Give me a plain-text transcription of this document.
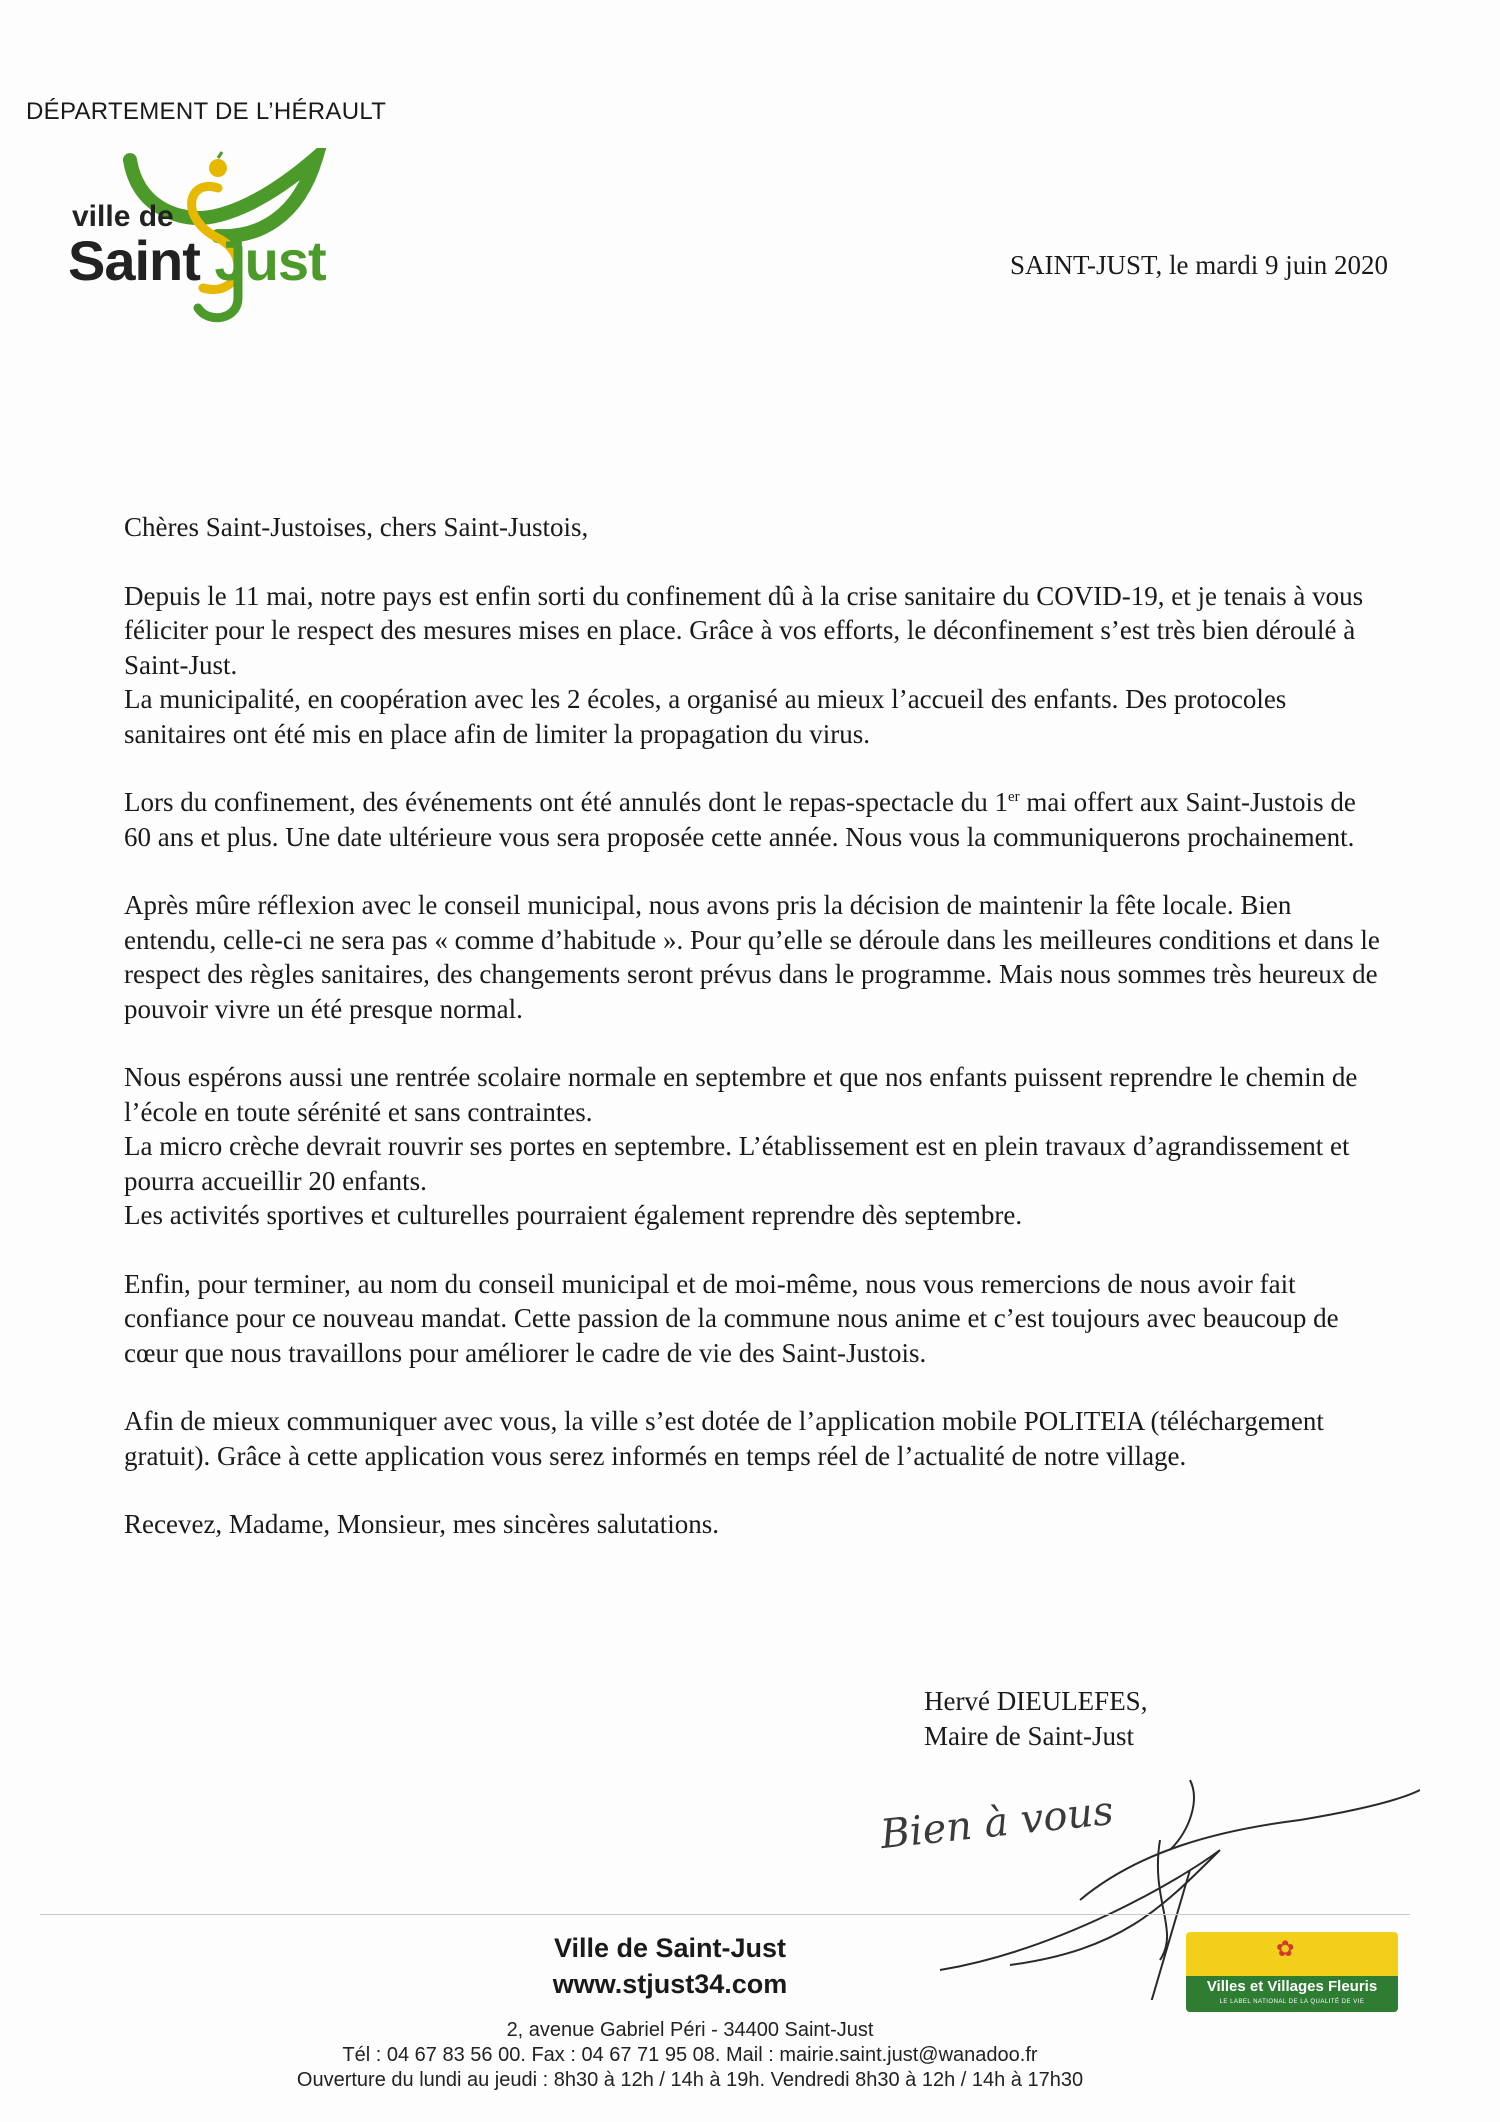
DÉPARTEMENT DE L’HÉRAULT
ville de
Saint Just	SAINT-JUST, le mardi 9 juin 2020

Chères Saint-Justoises, chers Saint-Justois,

Depuis le 11 mai, notre pays est enfin sorti du confinement dû à la crise sanitaire du COVID-19, et je tenais à vous féliciter pour le respect des mesures mises en place. Grâce à vos efforts, le déconfinement s’est très bien déroulé à Saint-Just.

La municipalité, en coopération avec les 2 écoles, a organisé au mieux l’accueil des enfants. Des protocoles sanitaires ont été mis en place afin de limiter la propagation du virus.

Lors du confinement, des événements ont été annulés dont le repas-spectacle du 1er mai offert aux Saint-Justois de 60 ans et plus. Une date ultérieure vous sera proposée cette année. Nous vous la communiquerons prochainement.

Après mûre réflexion avec le conseil municipal, nous avons pris la décision de maintenir la fête locale. Bien entendu, celle-ci ne sera pas « comme d’habitude ». Pour qu’elle se déroule dans les meilleures conditions et dans le respect des règles sanitaires, des changements seront prévus dans le programme. Mais nous sommes très heureux de pouvoir vivre un été presque normal.

Nous espérons aussi une rentrée scolaire normale en septembre et que nos enfants puissent reprendre le chemin de l’école en toute sérénité et sans contraintes.

La micro crèche devrait rouvrir ses portes en septembre. L’établissement est en plein travaux d’agrandissement et pourra accueillir 20 enfants.

Les activités sportives et culturelles pourraient également reprendre dès septembre.

Enfin, pour terminer, au nom du conseil municipal et de moi-même, nous vous remercions de nous avoir fait confiance pour ce nouveau mandat. Cette passion de la commune nous anime et c’est toujours avec beaucoup de cœur que nous travaillons pour améliorer le cadre de vie des Saint-Justois.

Afin de mieux communiquer avec vous, la ville s’est dotée de l’application mobile POLITEIA (téléchargement gratuit). Grâce à cette application vous serez informés en temps réel de l’actualité de notre village.

Recevez, Madame, Monsieur, mes sincères salutations.

Hervé DIEULEFES,
Maire de Saint-Just
Bien à vous
Ville de Saint-Just
www.stjust34.com
2, avenue Gabriel Péri - 34400 Saint-Just
Tél : 04 67 83 56 00. Fax : 04 67 71 95 08. Mail : mairie.saint.just@wanadoo.fr
Ouverture du lundi au jeudi : 8h30 à 12h / 14h à 19h. Vendredi 8h30 à 12h / 14h à 17h30
✿
Villes et Villages Fleuris
LE LABEL NATIONAL DE LA QUALITÉ DE VIE
